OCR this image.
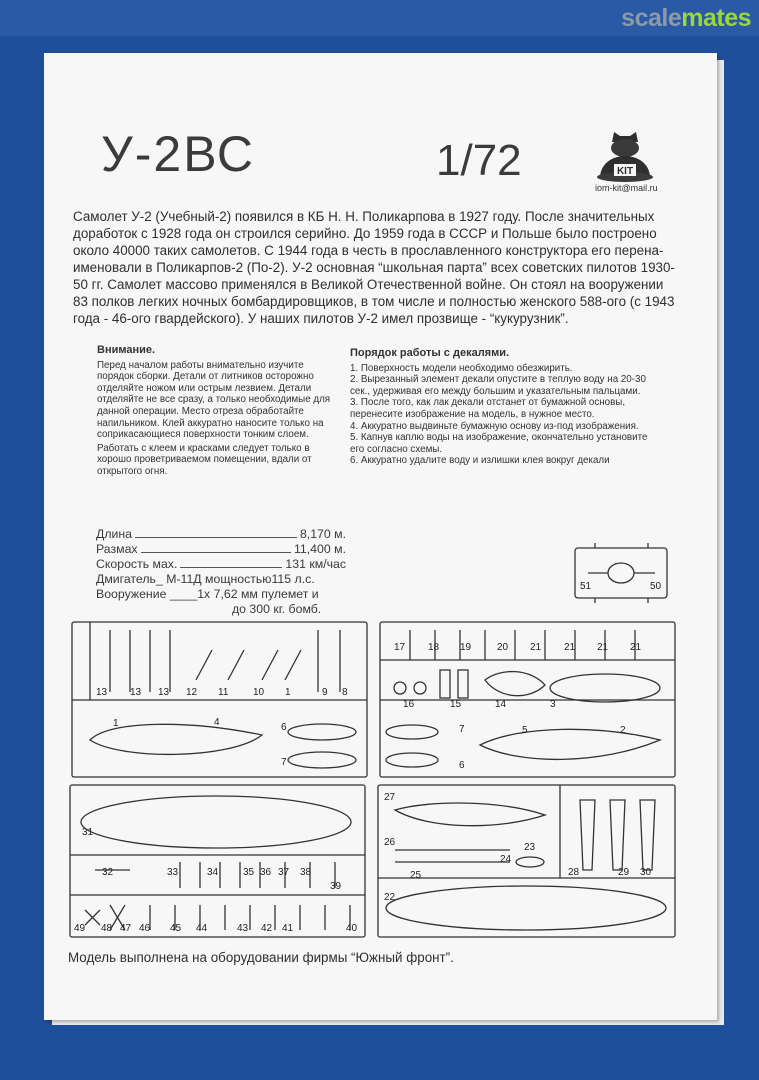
scalemates
У-2ВС	1/72	KIT
iom-kit@mail.ru

Самолет У-2 (Учебный-2) появился в КБ Н. Н. Поликарпова в 1927 году. После значительных доработок с 1928 года он строился серийно. До 1959 года в СССР и Польше было построено около 40000 таких самолетов. С 1944 года в честь в прославленного конструктора его перена-именовали в Поликарпов-2 (По-2). У-2 основная “школьная парта” всех советских пилотов 1930-50 гг. Самолет массово применялся в Великой Отечественной войне. Он стоял на вооружении 83 полков легких ночных бомбардировщиков, в том числе и полностью женского 588-ого (с 1943 года - 46-ого гвардейского). У наших пилотов У-2 имел прозвище - “кукурузник”.

Внимание.

Перед началом работы внимательно изучите порядок сборки. Детали от литников осторожно отделяйте ножом или острым лезвием. Детали отделяйте не все сразу, а только необходимые для данной операции. Место отреза обработайте напильником. Клей аккуратно наносите только на соприкасающиеся поверхности тонким слоем.

Работать с клеем и красками следует только в хорошо проветриваемом помещении, вдали от открытого огня.

Порядок работы с декалями.

1. Поверхность модели необходимо обезжирить.

2. Вырезанный элемент декали опустите в теплую воду на 20-30 сек., удерживая его между большим и указательным пальцами.

3. После того, как лак декали отстанет от бумажной основы, перенесите изображение на модель, в нужное место.

4. Аккуратно выдвиньте бумажную основу из-под изображения.

5. Капнув каплю воды на изображение, окончательно установите его согласно схемы.

6. Аккуратно удалите воду и излишки клея вокруг декали

Длина	8,170 м.
Размах	11,400 м.
Скорость мах.	131 км/час
Дмигатель_ М-11Д мощностью 115 л.с.
Вооружение ____ 1х 7,62 мм пулемет и
до 300 кг. бомб.
51	50
13 13 13 12 11 10 1	9 8
1	4	6
7
17 18 19	20 21 21 21 21
16	15	14	3
7	5	2
6
31
32	33	34 35 36 37 38
39
49 48 47 46 45 44	43 42 41	40
27
26	23
24
25	28	29 30
22
Модель выполнена на оборудовании фирмы “Южный фронт”.
